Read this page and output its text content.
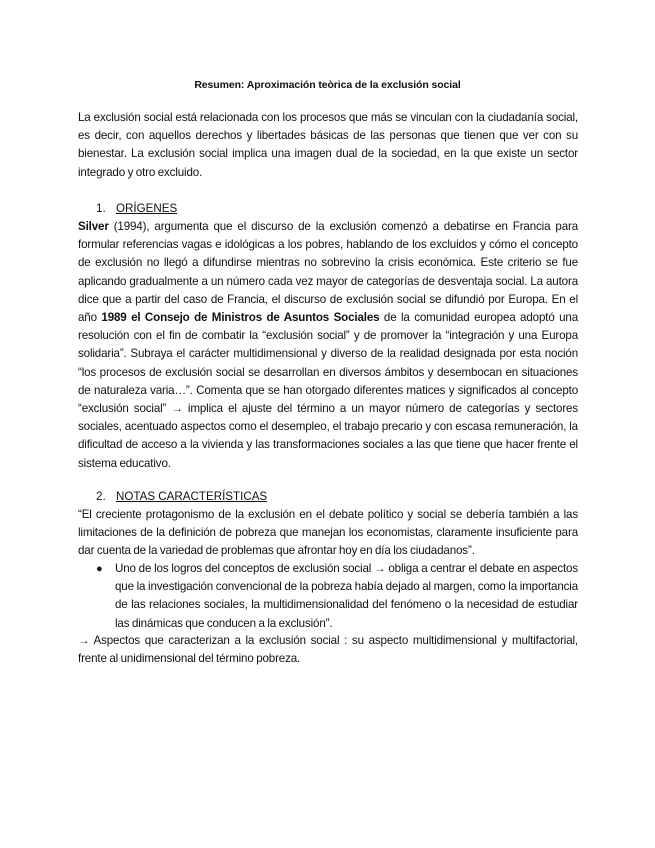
Resumen: Aproximación teòrica de la exclusión social
La exclusión social está relacionada con los procesos que más se vinculan con la ciudadanía social, es decir, con aquellos derechos y libertades básicas de las personas que tienen que ver con su bienestar. La exclusión social implica una imagen dual de la sociedad, en la que existe un sector integrado y otro excluido.
1. ORÍGENES
Silver (1994), argumenta que el discurso de la exclusión comenzó a debatirse en Francia para formular referencias vagas e idológicas a los pobres, hablando de los excluidos y cómo el concepto de exclusión no llegó a difundirse mientras no sobrevino la crisis económica. Este criterio se fue aplicando gradualmente a un número cada vez mayor de categorías de desventaja social. La autora dice que a partir del caso de Francia, el discurso de exclusión social se difundió por Europa. En el año 1989 el Consejo de Ministros de Asuntos Sociales de la comunidad europea adoptó una resolución con el fin de combatir la “exclusión social” y de promover la “integración y una Europa solidaria”. Subraya el carácter multidimensional y diverso de la realidad designada por esta noción “los procesos de exclusión social se desarrollan en diversos ámbitos y desembocan en situaciones de naturaleza varia…”. Comenta que se han otorgado diferentes matices y significados al concepto “exclusión social” → implica el ajuste del término a un mayor número de categorías y sectores sociales, acentuado aspectos como el desempleo, el trabajo precario y con escasa remuneración, la dificultad de acceso a la vivienda y las transformaciones sociales a las que tiene que hacer frente el sistema educativo.
2. NOTAS CARACTERÍSTICAS
“El creciente protagonismo de la exclusión en el debate político y social se debería también a las limitaciones de la definición de pobreza que manejan los economistas, claramente insuficiente para dar cuenta de la variedad de problemas que afrontar hoy en día los ciudadanos”.
● Uno de los logros del conceptos de exclusión social → obliga a centrar el debate en aspectos que la investigación convencional de la pobreza había dejado al margen, como la importancia de las relaciones sociales, la multidimensionalidad del fenómeno o la necesidad de estudiar las dinámicas que conducen a la exclusión”.
→ Aspectos que caracterizan a la exclusión social : su aspecto multidimensional y multifactorial, frente al unidimensional del término pobreza.
